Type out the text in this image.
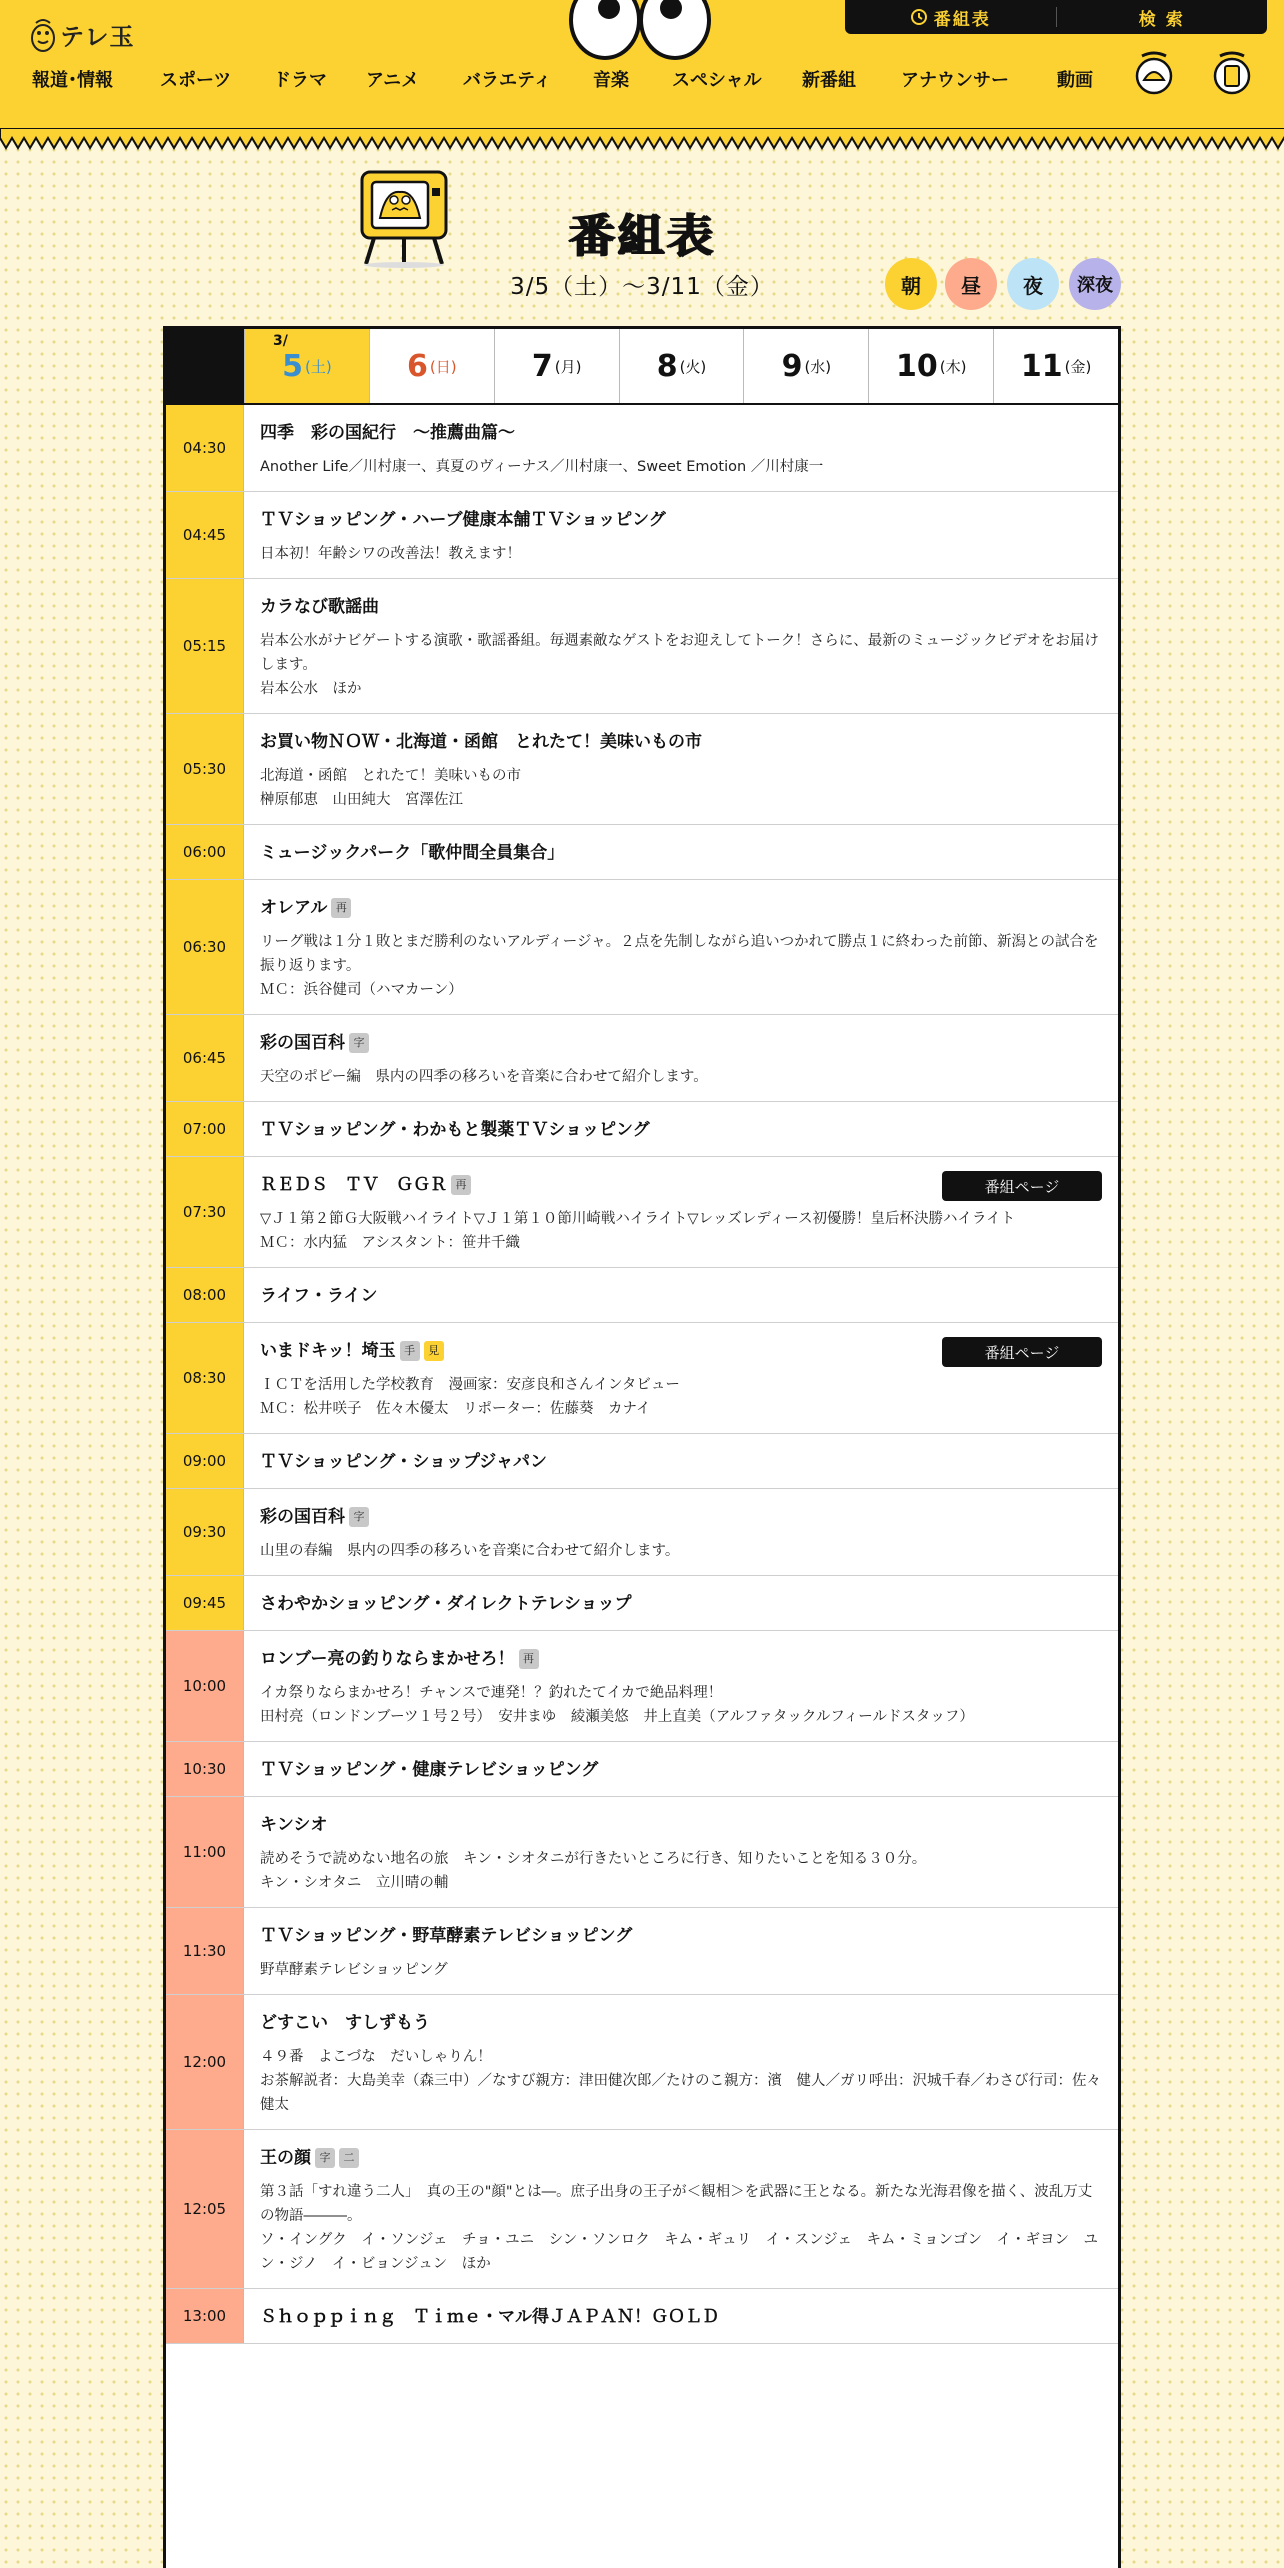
テレ玉
番組表	検 索
報道･情報	スポーツ ドラマ アニメ バラエティ 音楽 スペシャル 新番組	アナウンサー	動画
番組表
3/5（土）〜3/11（金）	朝	昼	夜	深夜
3/
5 (土)	6 (日)	7 (月)	8 (火)	9 (水) 10 (木) 11 (金)
04:30
四季　彩の国紀行　～推薦曲篇～
Another Life／川村康一、真夏のヴィーナス／川村康一、Sweet Emotion ／川村康一
04:45
ＴＶショッピング・ハーブ健康本舗ＴＶショッピング
日本初！年齢シワの改善法！教えます！
05:15
カラなび歌謡曲
岩本公水がナビゲートする演歌・歌謡番組。毎週素敵なゲストをお迎えしてトーク！さらに、最新のミュージックビデオをお届けします。
岩本公水　ほか
05:30
お買い物ＮＯＷ・北海道・函館　とれたて！美味いもの市
北海道・函館　とれたて！美味いもの市
榊原郁恵　山田純大　宮澤佐江
06:00	ミュージックパーク「歌仲間全員集合」
06:30
オレアル 再
リーグ戦は１分１敗とまだ勝利のないアルディージャ。２点を先制しながら追いつかれて勝点１に終わった前節、新潟との試合を振り返ります。
ＭＣ：浜谷健司（ハマカーン）
06:45
彩の国百科 字
天空のポピー編　県内の四季の移ろいを音楽に合わせて紹介します。
07:00	ＴＶショッピング・わかもと製薬ＴＶショッピング
07:30
ＲＥＤＳ　ＴＶ　ＧＧＲ 再
▽Ｊ１第２節Ｇ大阪戦ハイライト▽Ｊ１第１０節川崎戦ハイライト▽レッズレディース初優勝！皇后杯決勝ハイライト
ＭＣ：水内猛　アシスタント：笹井千織
番組ページ
08:00	ライフ・ライン
08:30
いまドキッ！埼玉 手 見
ＩＣＴを活用した学校教育　漫画家：安彦良和さんインタビュー
ＭＣ：松井咲子　佐々木優太　リポーター：佐藤葵　カナイ
番組ページ
09:00	ＴＶショッピング・ショップジャパン
09:30
彩の国百科 字
山里の春編　県内の四季の移ろいを音楽に合わせて紹介します。
09:45	さわやかショッピング・ダイレクトテレショップ
10:00
ロンブー亮の釣りならまかせろ！ 再
イカ祭りならまかせろ！チャンスで連発！？釣れたてイカで絶品料理！
田村亮（ロンドンブーツ１号２号）　安井まゆ　綾瀬美悠　井上直美（アルファタックルフィールドスタッフ）
10:30	ＴＶショッピング・健康テレビショッピング
11:00
キンシオ
読めそうで読めない地名の旅　キン・シオタニが行きたいところに行き、知りたいことを知る３０分。
キン・シオタニ　立川晴の輔
11:30
ＴＶショッピング・野草酵素テレビショッピング
野草酵素テレビショッピング
12:00
どすこい　すしずもう
４９番　よこづな　だいしゃりん！
お茶解説者：大島美幸（森三中）／なすび親方：津田健次郎／たけのこ親方：濱　健人／ガリ呼出：沢城千春／わさび行司：佐々健太
12:05
王の顔 字 二
第３話「すれ違う二人」　真の王の"顔"とは―。庶子出身の王子が＜観相＞を武器に王となる。新たな光海君像を描く、波乱万丈の物語―――。
ソ・イングク　イ・ソンジェ　チョ・ユニ　シン・ソンロク　キム・ギュリ　イ・スンジェ　キム・ミョンゴン　イ・ギヨン　ユン・ジノ　イ・ビョンジュン　ほか
13:00	Ｓｈｏｐｐｉｎｇ　Ｔｉｍｅ・マル得ＪＡＰＡＮ！ＧＯＬＤ
